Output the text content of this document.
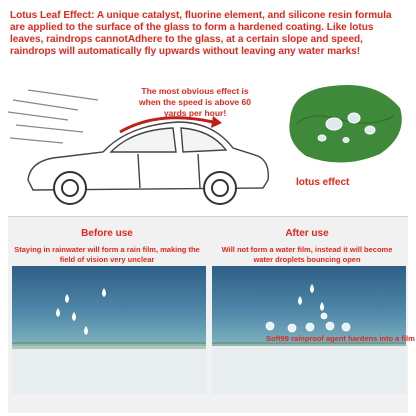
Lotus Leaf Effect: A unique catalyst, fluorine element, and silicone resin formula are applied to the surface of the glass to form a hardened coating. Like lotus leaves, raindrops cannotAdhere to the glass, at a certain slope and speed, raindrops will automatically fly upwards without leaving any water marks!
The most obvious effect is when the speed is above 60 yards per hour!
lotus effect
Before use
Staying in rainwater will form a rain film, making the field of vision very unclear
After use
Will not form a water film, instead it will become water droplets bouncing open
Soft99 rainproof agent hardens into a film
